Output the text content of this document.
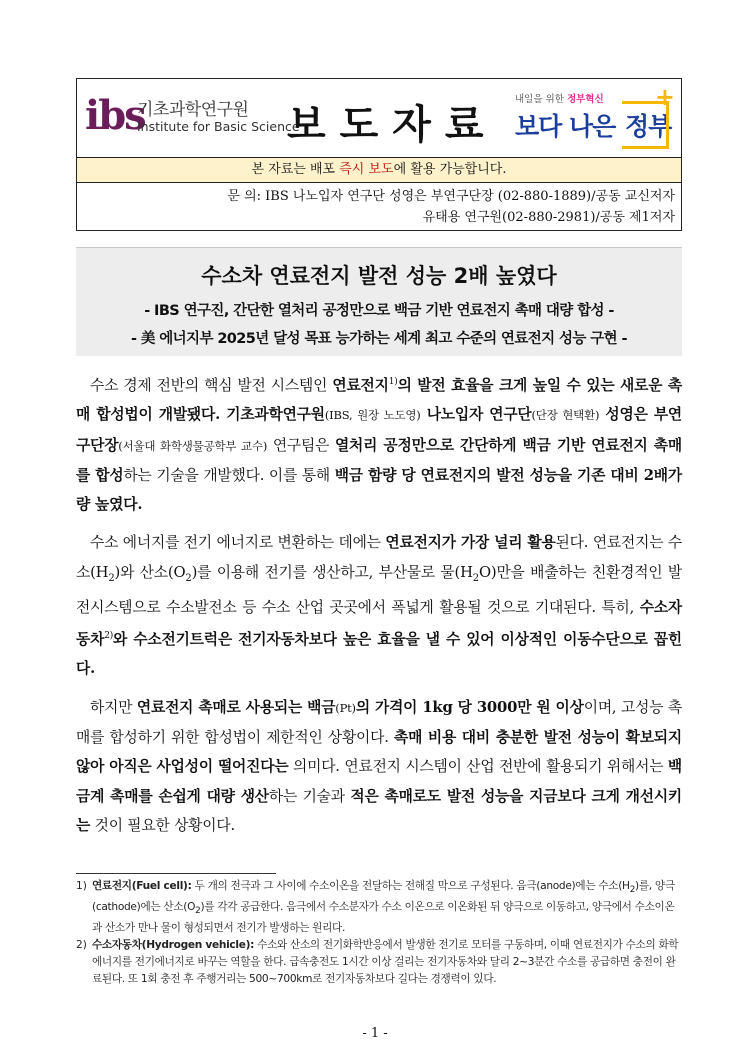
ibs
기초과학연구원
Institute for Basic Science
보도자료
내일을 위한 정부혁신
보다 나은 정부
+
본 자료는 배포 즉시 보도에 활용 가능합니다.
문 의: IBS 나노입자 연구단 성영은 부연구단장 (02-880-1889)/공동 교신저자
유태용 연구원(02-880-2981)/공동 제1저자
수소차 연료전지 발전 성능 2배 높였다
- IBS 연구진, 간단한 열처리 공정만으로 백금 기반 연료전지 촉매 대량 합성 -
- 美 에너지부 2025년 달성 목표 능가하는 세계 최고 수준의 연료전지 성능 구현 -

수소 경제 전반의 핵심 발전 시스템인 연료전지$^{1)}$의 발전 효율을 크게 높일 수 있는 새로운 촉매 합성법이 개발됐다. 기초과학연구원(IBS, 원장 노도영) 나노입자 연구단(단장 현택환) 성영은 부연구단장(서울대 화학생물공학부 교수) 연구팀은 열처리 공정만으로 간단하게 백금 기반 연료전지 촉매를 합성하는 기술을 개발했다. 이를 통해 백금 함량 당 연료전지의 발전 성능을 기존 대비 2배가량 높였다.

수소 에너지를 전기 에너지로 변환하는 데에는 연료전지가 가장 널리 활용된다. 연료전지는 수소$(H_2)$와 산소$(O_2)$를 이용해 전기를 생산하고, 부산물로 물$(H_2O)$만을 배출하는 친환경적인 발전시스템으로 수소발전소 등 수소 산업 곳곳에서 폭넓게 활용될 것으로 기대된다. 특히, 수소자동차$^{2)}$와 수소전기트럭은 전기자동차보다 높은 효율을 낼 수 있어 이상적인 이동수단으로 꼽힌다.

하지만 연료전지 촉매로 사용되는 백금(Pt)의 가격이 1kg 당 3000만 원 이상이며, 고성능 촉매를 합성하기 위한 합성법이 제한적인 상황이다. 촉매 비용 대비 충분한 발전 성능이 확보되지 않아 아직은 사업성이 떨어진다는 의미다. 연료전지 시스템이 산업 전반에 활용되기 위해서는 백금계 촉매를 손쉽게 대량 생산하는 기술과 적은 촉매로도 발전 성능을 지금보다 크게 개선시키는 것이 필요한 상황이다.

1) 연료전지(Fuel cell): 두 개의 전극과 그 사이에 수소이온을 전달하는 전해질 막으로 구성된다. 음극(anode)에는 수소$(H_2)$를, 양극(cathode)에는 산소$(O_2)$를 각각 공급한다. 음극에서 수소분자가 수소 이온으로 이온화된 뒤 양극으로 이동하고, 양극에서 수소이온과 산소가 만나 물이 형성되면서 전기가 발생하는 원리다.
2) 수소자동차(Hydrogen vehicle): 수소와 산소의 전기화학반응에서 발생한 전기로 모터를 구동하며, 이때 연료전지가 수소의 화학에너지를 전기에너지로 바꾸는 역할을 한다. 급속충전도 1시간 이상 걸리는 전기자동차와 달리 2~3분간 수소를 공급하면 충전이 완료된다. 또 1회 충전 후 주행거리는 500~700km로 전기자동차보다 길다는 경쟁력이 있다.
- 1 -
